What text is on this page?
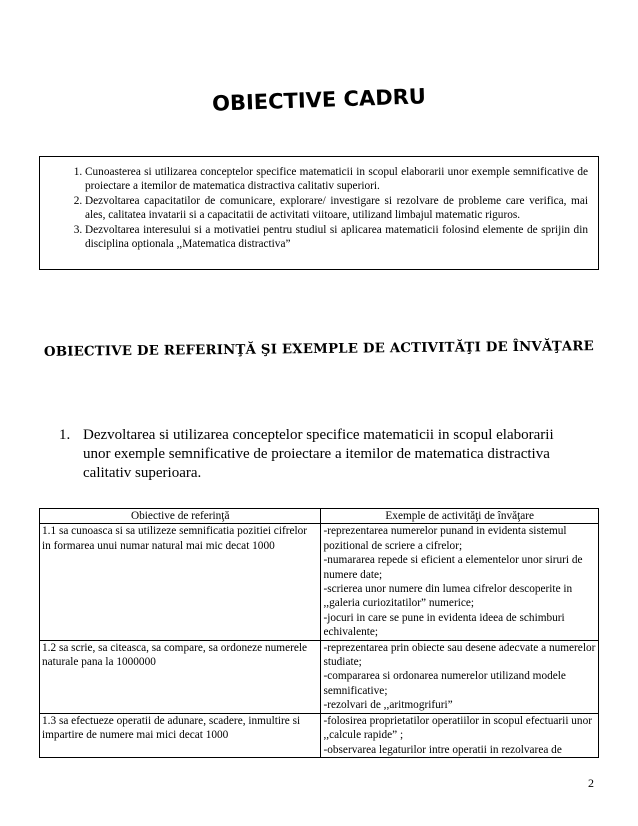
OBIECTIVE CADRU
1. Cunoasterea si utilizarea conceptelor specifice matematicii in scopul elaborarii unor exemple semnificative de proiectare a itemilor de matematica distractiva calitativ superiori.
2. Dezvoltarea capacitatilor de comunicare, explorare/ investigare si rezolvare de probleme care verifica, mai ales, calitatea invatarii si a capacitatii de activitati viitoare, utilizand limbajul matematic riguros.
3. Dezvoltarea interesului si a motivatiei pentru studiul si aplicarea matematicii folosind elemente de sprijin din disciplina optionala ,,Matematica distractiva”
OBIECTIVE DE REFERINŢĂ ŞI EXEMPLE DE ACTIVITĂŢI DE ÎNVĂŢARE
1. Dezvoltarea si utilizarea conceptelor specifice matematicii in scopul elaborarii unor exemple semnificative de proiectare a itemilor de matematica distractiva calitativ superioara.
Obiective de referinţă	Exemple de activităţi de învăţare
1.1 sa cunoasca si sa utilizeze semnificatia pozitiei cifrelor in formarea unui numar natural mai mic decat 1000	-reprezentarea numerelor punand in evidenta sistemul pozitional de scriere a cifrelor;
-numararea repede si eficient a elementelor unor siruri de numere date;
-scrierea unor numere din lumea cifrelor descoperite in ,,galeria curiozitatilor” numerice;
-jocuri in care se pune in evidenta ideea de schimburi echivalente;

1.2 sa scrie, sa citeasca, sa compare, sa ordoneze numerele naturale pana la 1000000	-reprezentarea prin obiecte sau desene adecvate a numerelor studiate;
-compararea si ordonarea numerelor utilizand modele semnificative;
-rezolvari de ,,aritmogrifuri”

1.3 sa efectueze operatii de adunare, scadere, inmultire si impartire de numere mai mici decat 1000	-folosirea proprietatilor operatiilor in scopul efectuarii unor ,,calcule rapide” ;
-observarea legaturilor intre operatii in rezolvarea de
2
